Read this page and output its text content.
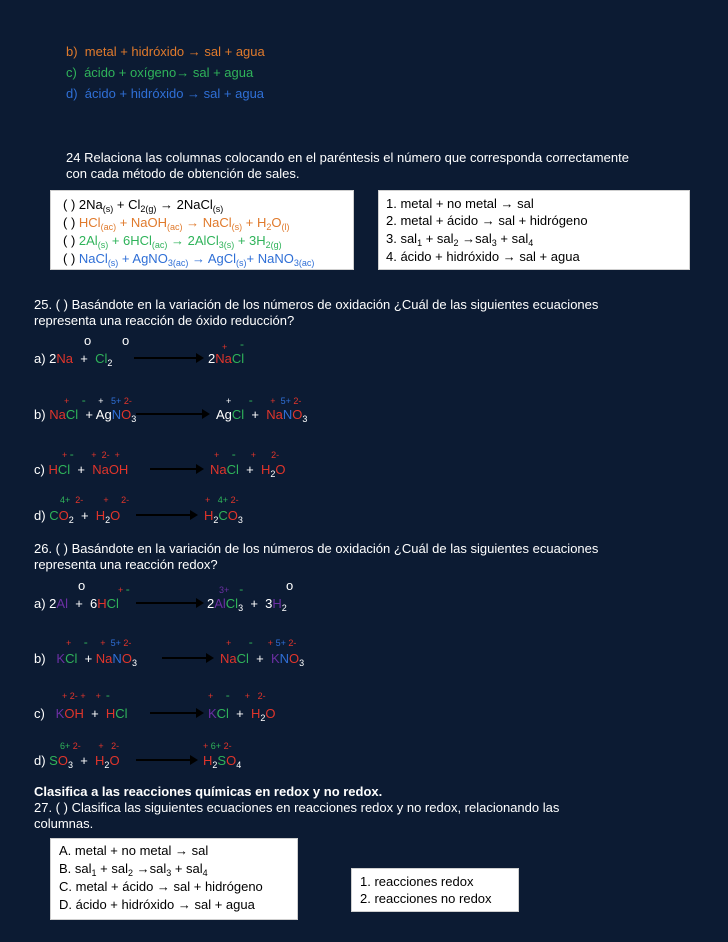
b) metal + hidróxido → sal + agua
c) ácido + oxígeno→ sal + agua
d) ácido + hidróxido → sal + agua
24 Relaciona las columnas colocando en el paréntesis el número que corresponda correctamente
con cada método de obtención de sales.
( ) $2Na_{(s)} + Cl_{2(g)}$ → 2NaCl$_{(s)}$
( ) HCl$_{(ac)}$ + NaOH$_{(ac)}$ → NaCl$_{(s)}$ + $H_2O_{(l)}$
( ) $2Al_{(s)} + 6HCl_{(ac)}$ → 2AlCl$_{3(s)}$ + $3H_{2(g)}$
( ) NaCl$_{(s)}$ + AgNO$_{3(ac)}$ → AgCl$_{(s)}$+ NaNO$_{3(ac)}$
1. metal + no metal → sal
2. metal + ácido → sal + hidrógeno
3. sal$_1$ + sal$_2$ →sal$_3$ + sal$_4$
4. ácido + hidróxido → sal + agua
25. ( ) Basándote en la variación de los números de oxidación ¿Cuál de las siguientes ecuaciones
representa una reacción de óxido reducción?
o o	+ -
a) $2Na + Cl_2$	2NaCl
+ -     +   5+ 2-	+       - + 5+ 2-
b) NaCl  + AgNO$_3$	AgCl  +  NaNO$_3$
+ - + 2- +	+ - + 2-
c) HCl  +  NaOH → NaCl  +  $H_2O$
4+ 2- + 2-	+ 4+ 2-
d) $CO_2 + H_2O$	$H_2CO_3$
26. ( ) Basándote en la variación de los números de oxidación ¿Cuál de las siguientes ecuaciones
representa una reacción redox?
o	+ -	3+ -	o
a) 2Al  +  6HCl	2AlCl$_3$  +  $3H_2$
+ - + 5+ 2-	+ - + 5+ 2-
b)   KCl  + NaNO$_3$ → NaCl  +  $KNO_3$
+ 2- + + -	+ - + 2-
c)   KOH  +  HCl → KCl  +  $H_2O$
6+ 2- + 2-	+ 6+ 2-
d) $SO_3 + H_2O$	$H_2SO_4$
Clasifica a las reacciones químicas en redox y no redox.
27. ( ) Clasifica las siguientes ecuaciones en reacciones redox y no redox, relacionando las
columnas.
A. metal + no metal → sal
B. sal$_1$ + sal$_2$ →sal$_3$ + sal$_4$
C. metal + ácido → sal + hidrógeno
D. ácido + hidróxido → sal + agua
1. reacciones redox
2. reacciones no redox
